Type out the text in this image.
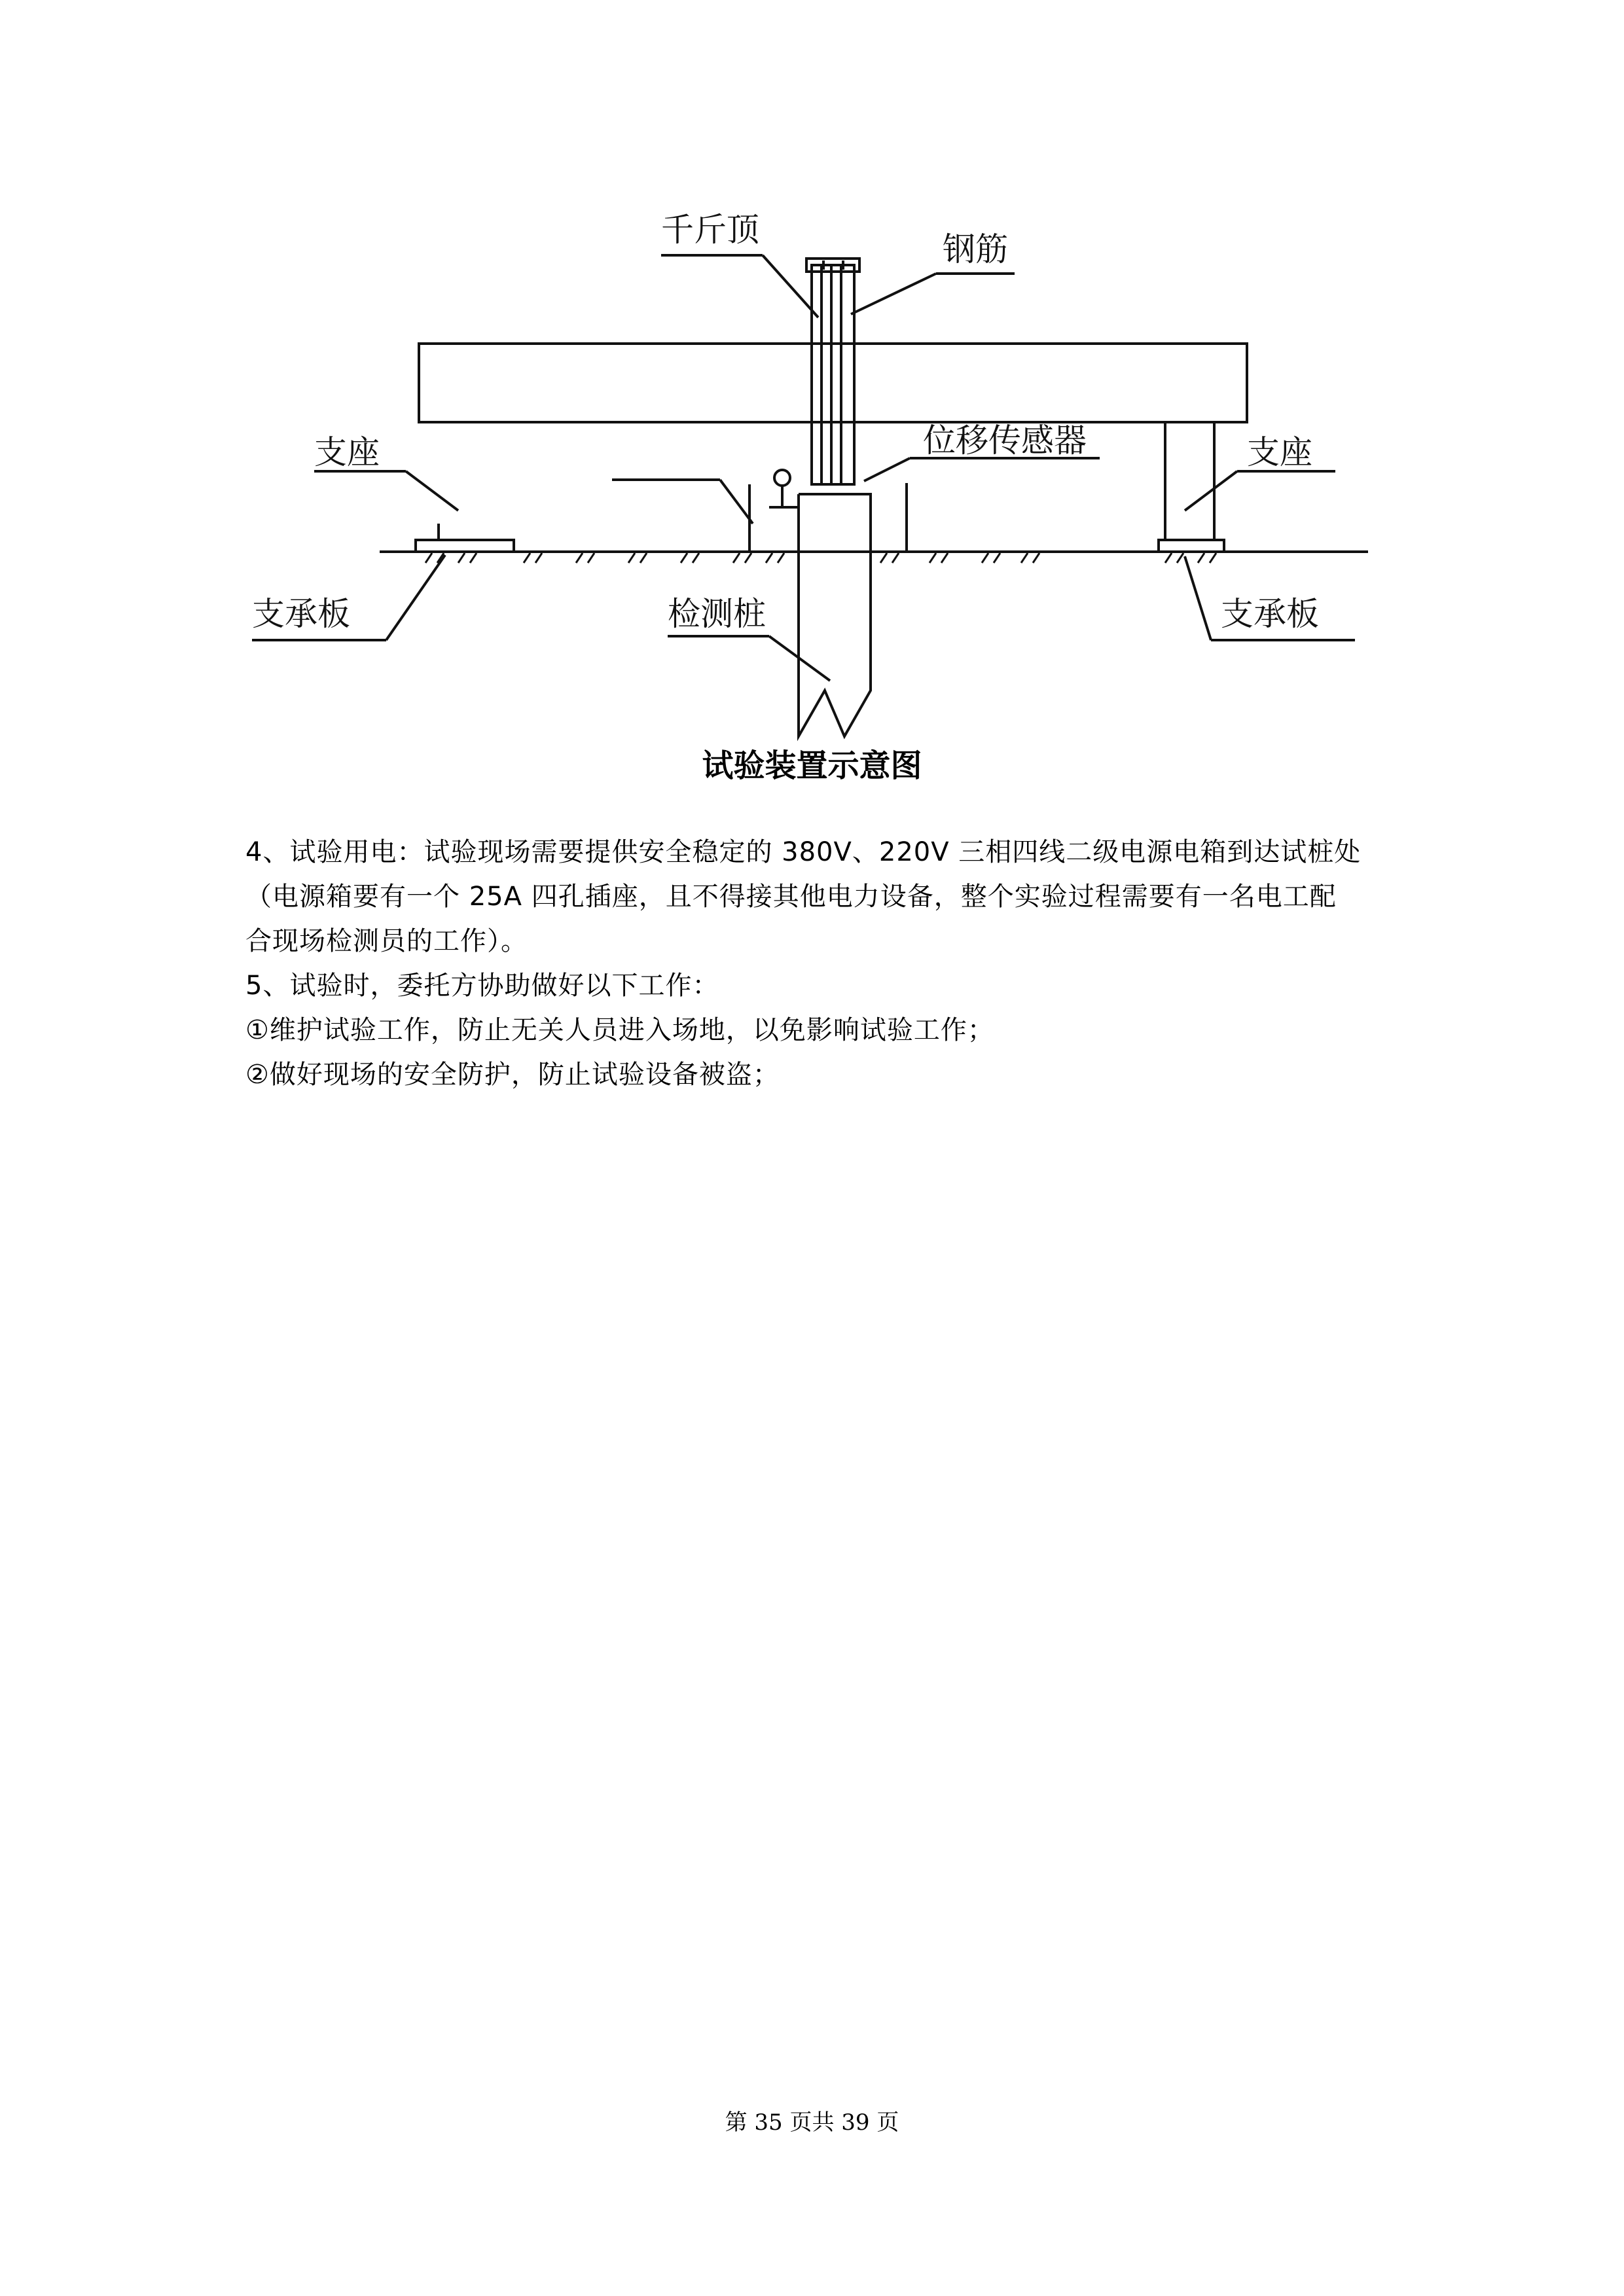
千斤顶
钢筋
位移传感器
支座	支座
支承板	支承板
检测桩
试验装置示意图
4、试验用电：试验现场需要提供安全稳定的 380V、220V 三相四线二级电源电箱到达试桩处
（电源箱要有一个 25A 四孔插座，且不得接其他电力设备，整个实验过程需要有一名电工配
合现场检测员的工作）。
5、试验时，委托方协助做好以下工作：
①维护试验工作，防止无关人员进入场地，以免影响试验工作；
②做好现场的安全防护，防止试验设备被盗；
第 35 页共 39 页
